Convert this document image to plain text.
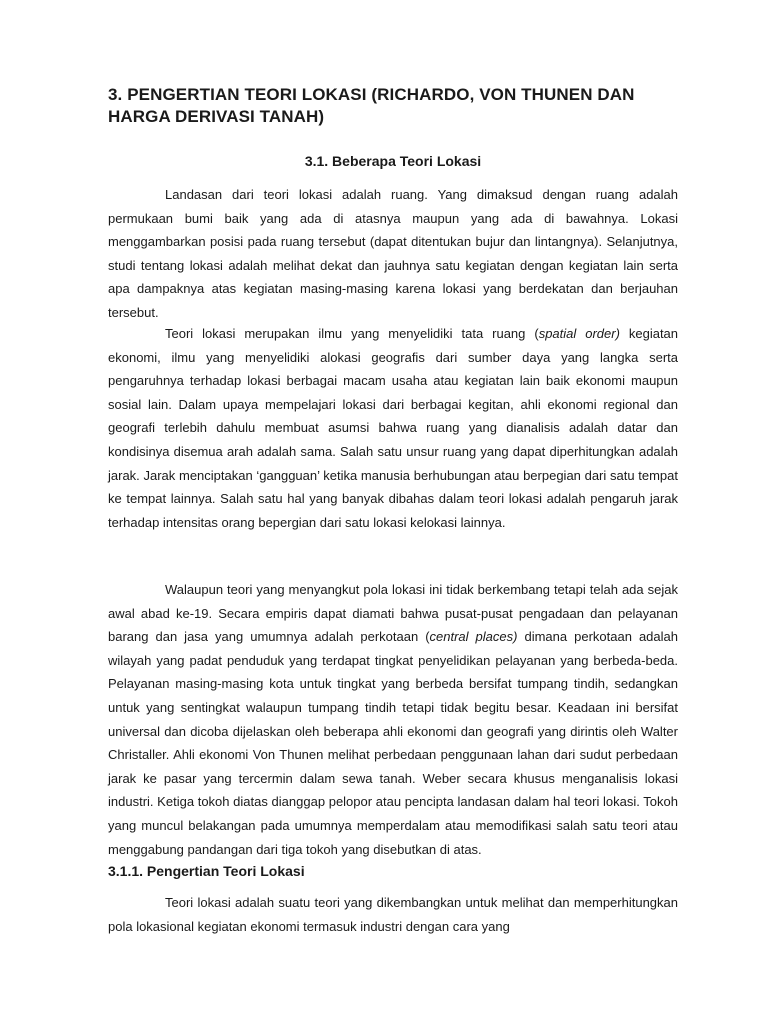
3. PENGERTIAN TEORI LOKASI (RICHARDO, VON THUNEN DAN HARGA DERIVASI TANAH)
3.1. Beberapa Teori Lokasi

Landasan dari teori lokasi adalah ruang. Yang dimaksud dengan ruang adalah permukaan bumi baik yang ada di atasnya maupun yang ada di bawahnya. Lokasi menggambarkan posisi pada ruang tersebut (dapat ditentukan bujur dan lintangnya). Selanjutnya, studi tentang lokasi adalah melihat dekat dan jauhnya satu kegiatan dengan kegiatan lain serta apa dampaknya atas kegiatan masing-masing karena lokasi yang berdekatan dan berjauhan tersebut.

Teori lokasi merupakan ilmu yang menyelidiki tata ruang (spatial order) kegiatan ekonomi, ilmu yang menyelidiki alokasi geografis dari sumber daya yang langka serta pengaruhnya terhadap lokasi berbagai macam usaha atau kegiatan lain baik ekonomi maupun sosial lain. Dalam upaya mempelajari lokasi dari berbagai kegitan, ahli ekonomi regional dan geografi terlebih dahulu membuat asumsi bahwa ruang yang dianalisis adalah datar dan kondisinya disemua arah adalah sama. Salah satu unsur ruang yang dapat diperhitungkan adalah jarak. Jarak menciptakan ‘gangguan’ ketika manusia berhubungan atau berpegian dari satu tempat ke tempat lainnya. Salah satu hal yang banyak dibahas dalam teori lokasi adalah pengaruh jarak terhadap intensitas orang bepergian dari satu lokasi kelokasi lainnya.

Walaupun teori yang menyangkut pola lokasi ini tidak berkembang tetapi telah ada sejak awal abad ke-19. Secara empiris dapat diamati bahwa pusat-pusat pengadaan dan pelayanan barang dan jasa yang umumnya adalah perkotaan (central places) dimana perkotaan adalah wilayah yang padat penduduk yang terdapat tingkat penyelidikan pelayanan yang berbeda-beda. Pelayanan masing-masing kota untuk tingkat yang berbeda bersifat tumpang tindih, sedangkan untuk yang sentingkat walaupun tumpang tindih tetapi tidak begitu besar. Keadaan ini bersifat universal dan dicoba dijelaskan oleh beberapa ahli ekonomi dan geografi yang dirintis oleh Walter Christaller. Ahli ekonomi Von Thunen melihat perbedaan penggunaan lahan dari sudut perbedaan jarak ke pasar yang tercermin dalam sewa tanah. Weber secara khusus menganalisis lokasi industri. Ketiga tokoh diatas dianggap pelopor atau pencipta landasan dalam hal teori lokasi. Tokoh yang muncul belakangan pada umumnya memperdalam atau memodifikasi salah satu teori atau menggabung pandangan dari tiga tokoh yang disebutkan di atas.

3.1.1. Pengertian Teori Lokasi

Teori lokasi adalah suatu teori yang dikembangkan untuk melihat dan memperhitungkan pola lokasional kegiatan ekonomi termasuk industri dengan cara yang
